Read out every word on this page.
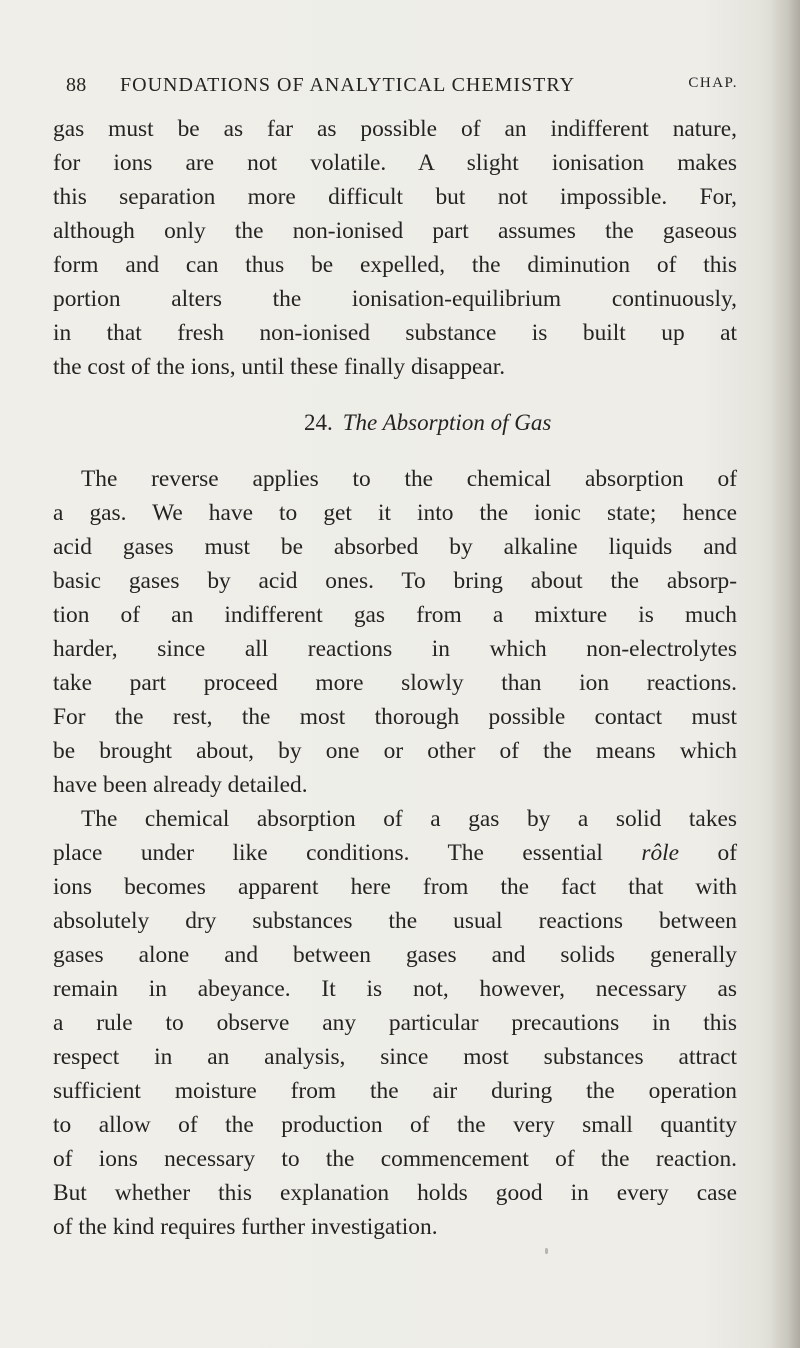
88 FOUNDATIONS OF ANALYTICAL CHEMISTRY	CHAP.
gas must be as far as possible of an indifferent nature,
for ions are not volatile. A slight ionisation makes
this separation more difficult but not impossible. For,
although only the non-ionised part assumes the gaseous
form and can thus be expelled, the diminution of this
portion alters the ionisation-equilibrium continuously,
in that fresh non-ionised substance is built up at
the cost of the ions, until these finally disappear.
24. The Absorption of Gas
The reverse applies to the chemical absorption of
a gas. We have to get it into the ionic state; hence
acid gases must be absorbed by alkaline liquids and
basic gases by acid ones. To bring about the absorp-
tion of an indifferent gas from a mixture is much
harder, since all reactions in which non-electrolytes
take part proceed more slowly than ion reactions.
For the rest, the most thorough possible contact must
be brought about, by one or other of the means which
have been already detailed.
The chemical absorption of a gas by a solid takes
place under like conditions. The essential rôle of
ions becomes apparent here from the fact that with
absolutely dry substances the usual reactions between
gases alone and between gases and solids generally
remain in abeyance. It is not, however, necessary as
a rule to observe any particular precautions in this
respect in an analysis, since most substances attract
sufficient moisture from the air during the operation
to allow of the production of the very small quantity
of ions necessary to the commencement of the reaction.
But whether this explanation holds good in every case
of the kind requires further investigation.
